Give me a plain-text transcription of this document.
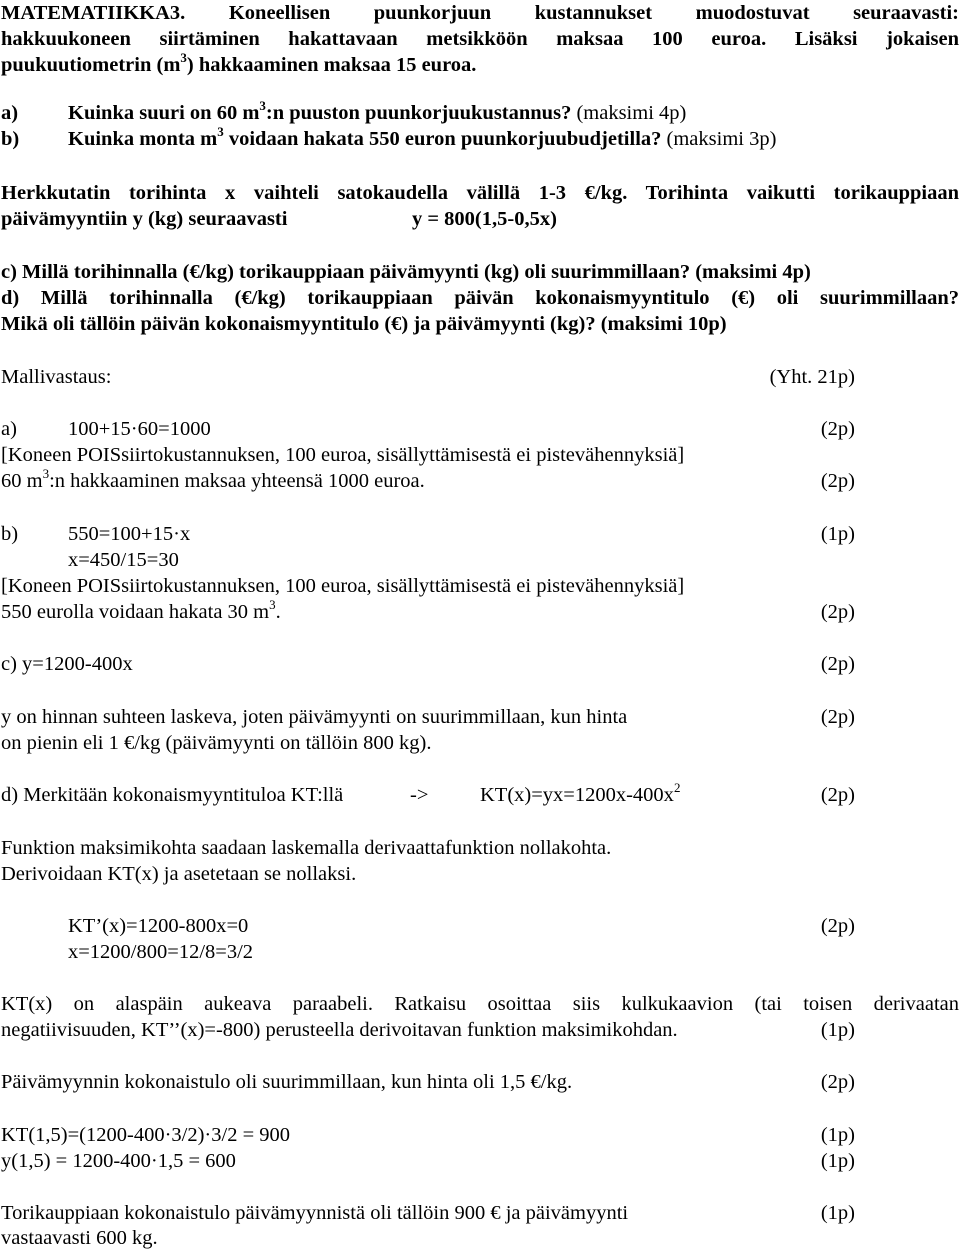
MATEMATIIKKA3. Koneellisen puunkorjuun kustannukset muodostuvat seuraavasti:
hakkuukoneen siirtäminen hakattavaan metsikköön maksaa 100 euroa. Lisäksi jokaisen
puukuutiometrin $(m^3)$ hakkaaminen maksaa 15 euroa.
a) Kuinka suuri on 60 $m^3:n$ puuston puunkorjuukustannus? (maksimi 4p)
b) Kuinka monta $m^3$ voidaan hakata 550 euron puunkorjuubudjetilla? (maksimi 3p)
Herkkutatin torihinta x vaihteli satokaudella välillä 1-3 €/kg. Torihinta vaikutti torikauppiaan
päivämyyntiin y (kg) seuraavasti	y = 800(1,5-0,5x)
c) Millä torihinnalla (€/kg) torikauppiaan päivämyynti (kg) oli suurimmillaan? (maksimi 4p)
d) Millä torihinnalla (€/kg) torikauppiaan päivän kokonaismyyntitulo (€) oli suurimmillaan?
Mikä oli tällöin päivän kokonaismyyntitulo (€) ja päivämyynti (kg)? (maksimi 10p)
Mallivastaus:	(Yht. 21p)
a) 100+15·60=1000	(2p)
[Koneen POISsiirtokustannuksen, 100 euroa, sisällyttämisestä ei pistevähennyksiä]
60 $m^3:n$ hakkaaminen maksaa yhteensä 1000 euroa.	(2p)
b) 550=100+15·x	(1p)
x=450/15=30
[Koneen POISsiirtokustannuksen, 100 euroa, sisällyttämisestä ei pistevähennyksiä]
550 eurolla voidaan hakata 30 $m^3$.	(2p)
c) y=1200-400x	(2p)
y on hinnan suhteen laskeva, joten päivämyynti on suurimmillaan, kun hinta	(2p)
on pienin eli 1 €/kg (päivämyynti on tällöin 800 kg).
d) Merkitään kokonaismyyntituloa KT:llä	->	$KT(x)=yx=1200x-400x^2$	(2p)
Funktion maksimikohta saadaan laskemalla derivaattafunktion nollakohta.
Derivoidaan KT(x) ja asetetaan se nollaksi.
KT’(x)=1200-800x=0	(2p)
x=1200/800=12/8=3/2
KT(x) on alaspäin aukeava paraabeli. Ratkaisu osoittaa siis kulkukaavion (tai toisen derivaatan
negatiivisuuden, KT’’(x)=-800) perusteella derivoitavan funktion maksimikohdan.	(1p)
Päivämyynnin kokonaistulo oli suurimmillaan, kun hinta oli 1,5 €/kg.	(2p)
KT(1,5)=(1200-400·3/2)·3/2 = 900	(1p)
y(1,5) = 1200-400·1,5 = 600	(1p)
Torikauppiaan kokonaistulo päivämyynnistä oli tällöin 900 € ja päivämyynti	(1p)
vastaavasti 600 kg.
